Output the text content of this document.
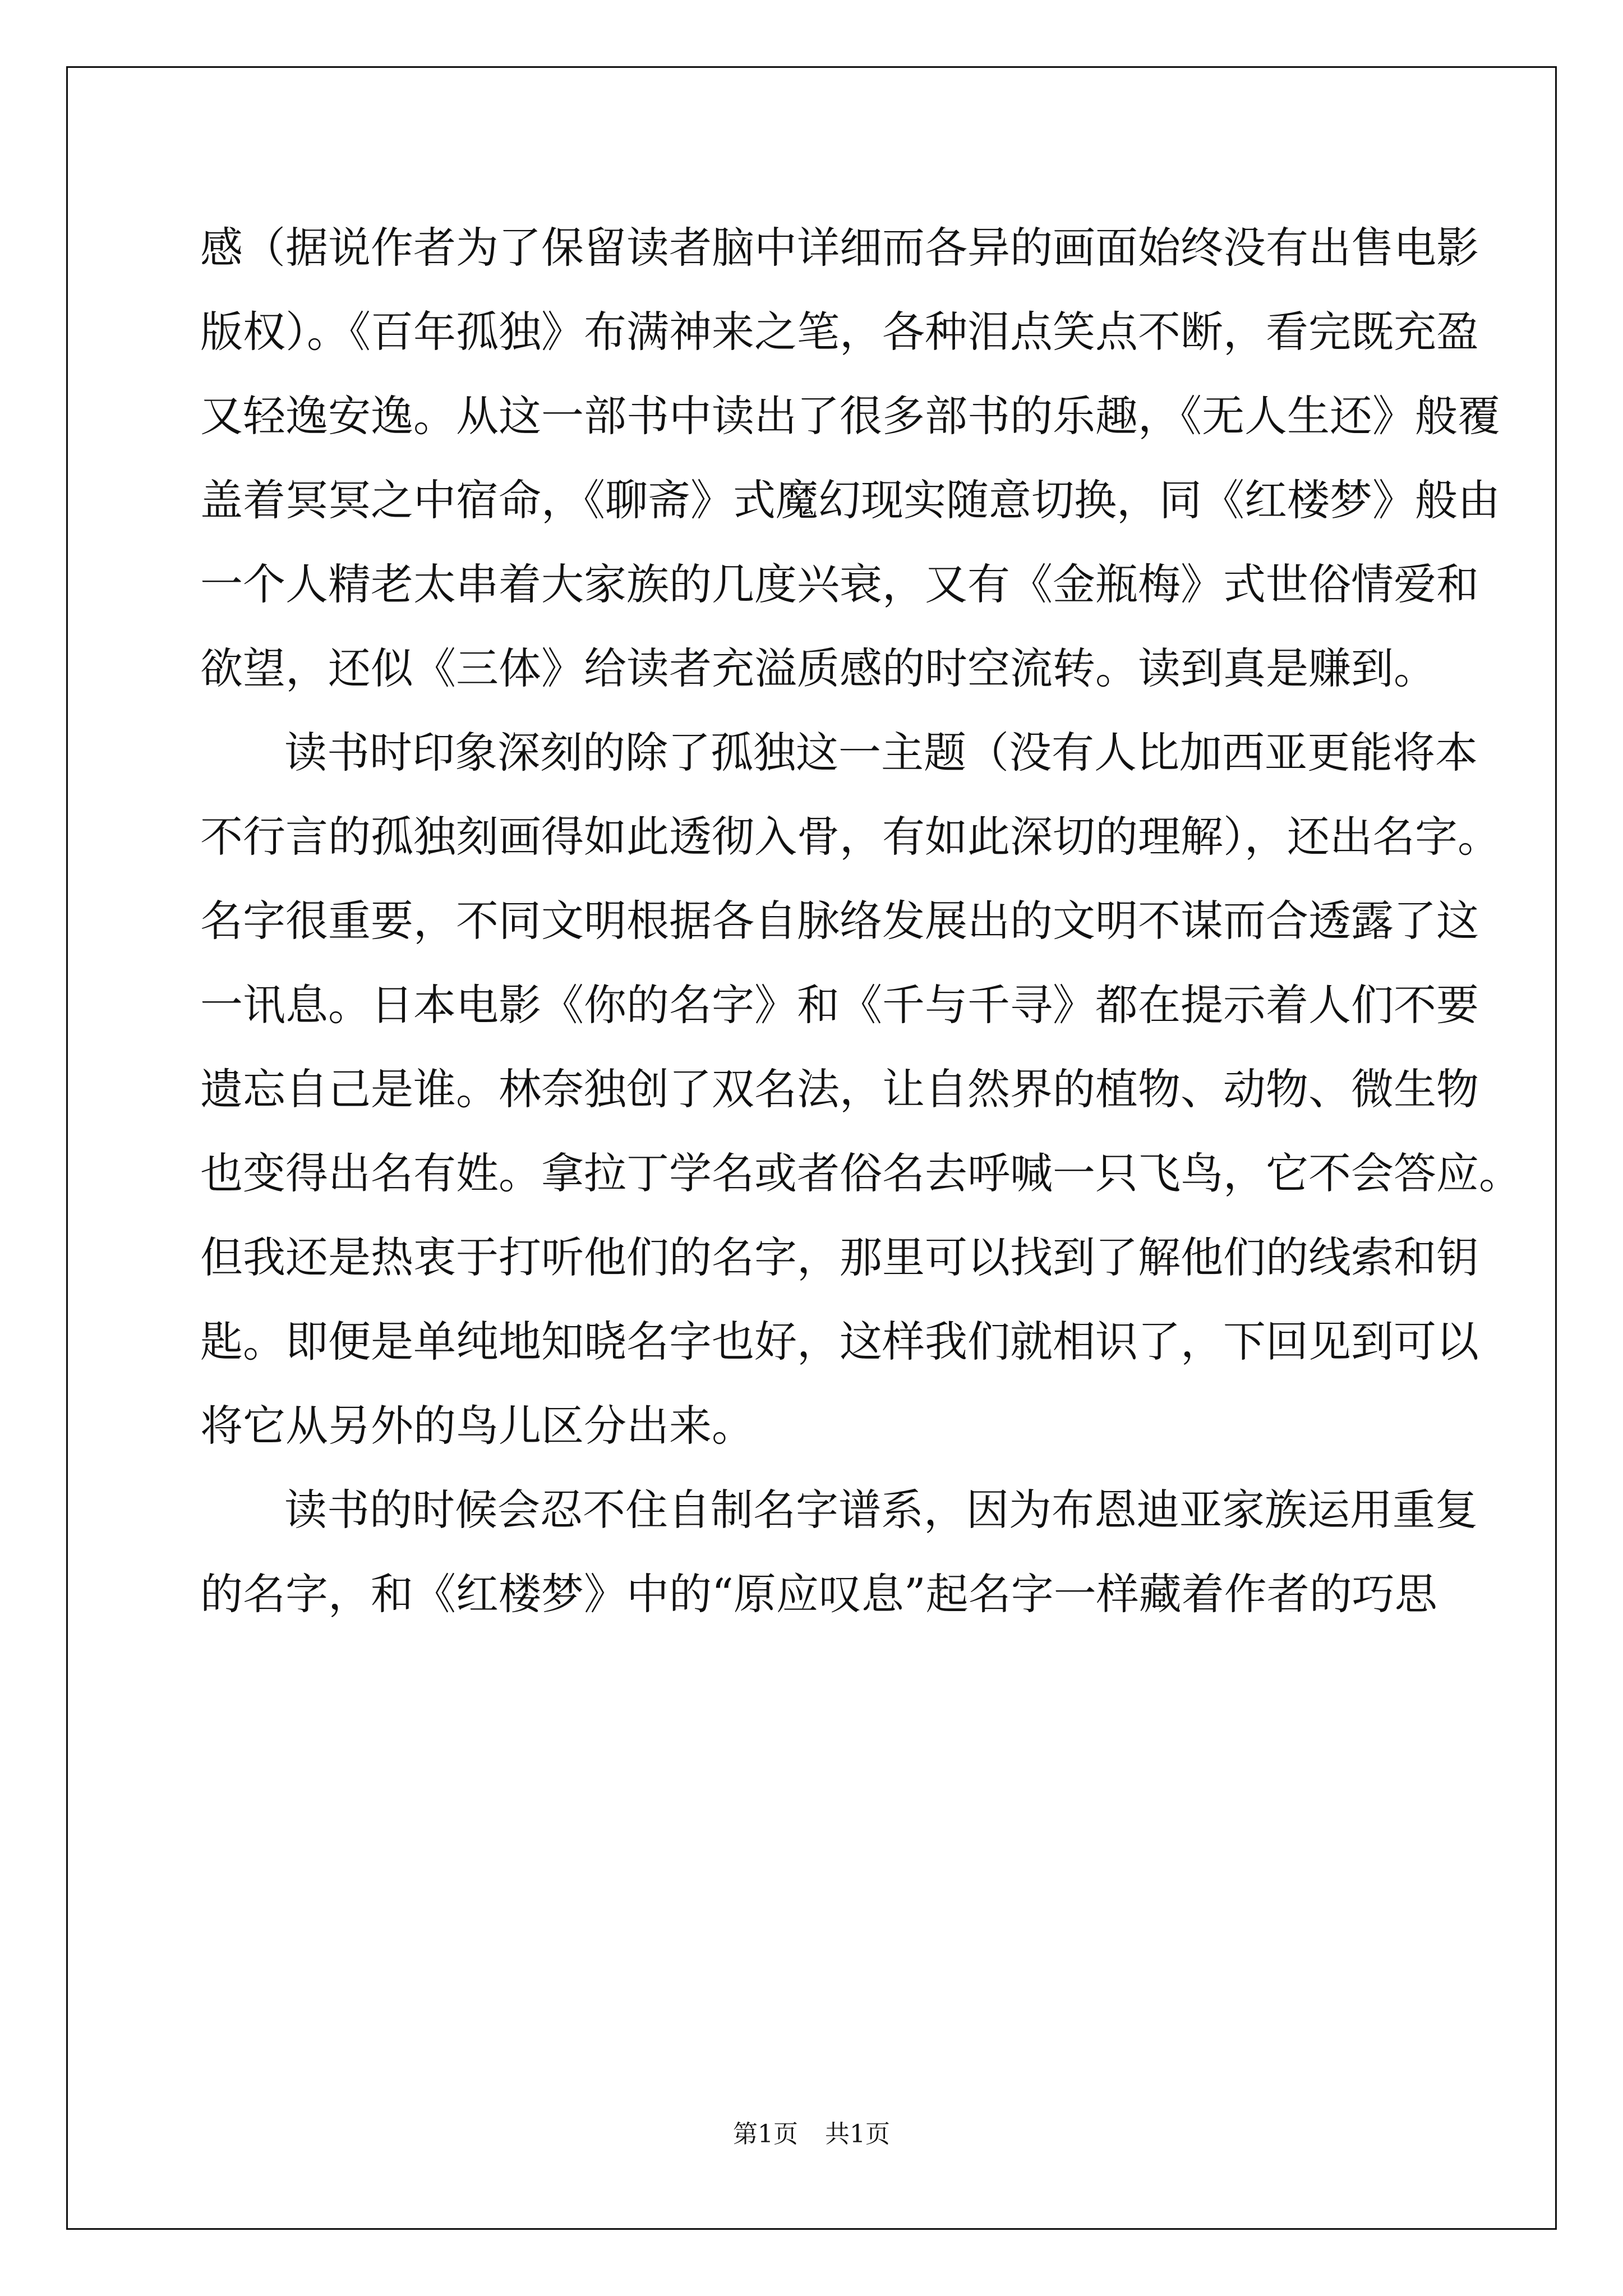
感（据说作者为了保留读者脑中详细而各异的画面始终没有出售电影

版权）。《百年孤独》布满神来之笔，各种泪点笑点不断，看完既充盈

又轻逸安逸。从这一部书中读出了很多部书的乐趣，《无人生还》般覆

盖着冥冥之中宿命，《聊斋》式魔幻现实随意切换，同《红楼梦》般由

一个人精老太串着大家族的几度兴衰，又有《金瓶梅》式世俗情爱和

欲望，还似《三体》给读者充溢质感的时空流转。读到真是赚到。

读书时印象深刻的除了孤独这一主题（没有人比加西亚更能将本

不行言的孤独刻画得如此透彻入骨，有如此深切的理解），还出名字。

名字很重要，不同文明根据各自脉络发展出的文明不谋而合透露了这

一讯息。日本电影《你的名字》和《千与千寻》都在提示着人们不要

遗忘自己是谁。林奈独创了双名法，让自然界的植物、动物、微生物

也变得出名有姓。拿拉丁学名或者俗名去呼喊一只飞鸟，它不会答应。

但我还是热衷于打听他们的名字，那里可以找到了解他们的线索和钥

匙。即便是单纯地知晓名字也好，这样我们就相识了，下回见到可以

将它从另外的鸟儿区分出来。

读书的时候会忍不住自制名字谱系，因为布恩迪亚家族运用重复

的名字，和《红楼梦》中的“原应叹息”起名字一样藏着作者的巧思

第1页 共1页
